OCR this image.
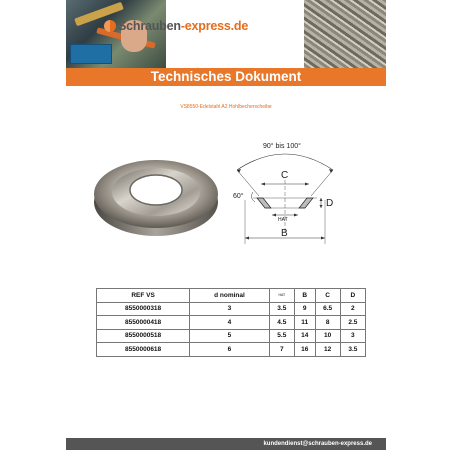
Schrauben-express.de
Technisches Dokument
VS8550-Edelstahl A2 Hohlbecherscheibe
90° bis 100°
C
60°
D
HAT
B
REF VS	d nominal	HAT	B	C	D
8550000318	3	3.5	9	6.5	2
8550000418	4	4.5	11	8	2.5
8550000518	5	5.5	14	10	3
8550000618	6	7	16	12	3.5
kundendienst@schrauben-express.de
